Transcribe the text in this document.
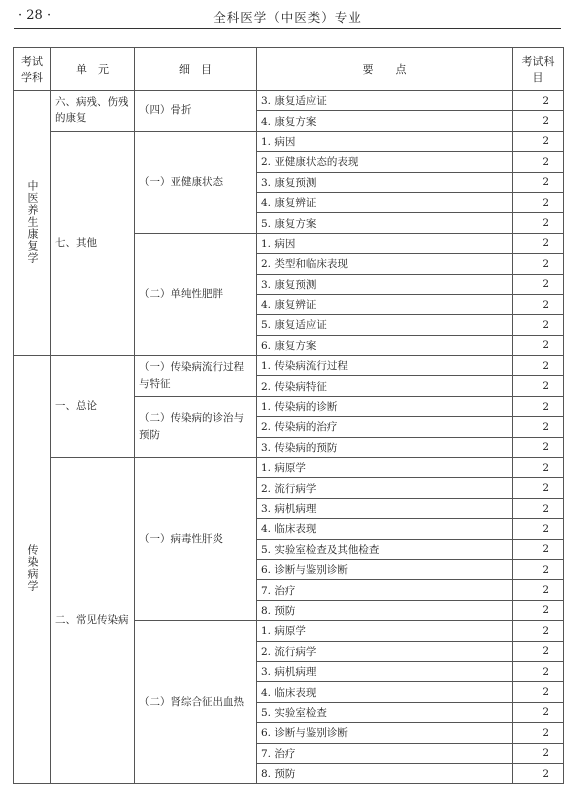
· 28 ·	全科医学（中医类）专业
考试学科	单　元	细　目	要　　点	考试科目
中医养生康复学	六、病残、伤残的康复	（四）骨折	3. 康复适应证	2
			4. 康复方案	2
	七、其他	（一）亚健康状态	1. 病因	2
			2. 亚健康状态的表现	2
			3. 康复预测	2
			4. 康复辨证	2
			5. 康复方案	2
		（二）单纯性肥胖	1. 病因	2
			2. 类型和临床表现	2
			3. 康复预测	2
			4. 康复辨证	2
			5. 康复适应证	2
			6. 康复方案	2
传染病学	一、总论	（一）传染病流行过程与特征	1. 传染病流行过程	2
			2. 传染病特征	2
		（二）传染病的诊治与预防	1. 传染病的诊断	2
			2. 传染病的治疗	2
			3. 传染病的预防	2
	二、常见传染病	（一）病毒性肝炎	1. 病原学	2
			2. 流行病学	2
			3. 病机病理	2
			4. 临床表现	2
			5. 实验室检查及其他检查	2
			6. 诊断与鉴别诊断	2
			7. 治疗	2
			8. 预防	2
		（二）肾综合征出血热	1. 病原学	2
			2. 流行病学	2
			3. 病机病理	2
			4. 临床表现	2
			5. 实验室检查	2
			6. 诊断与鉴别诊断	2
			7. 治疗	2
			8. 预防	2
